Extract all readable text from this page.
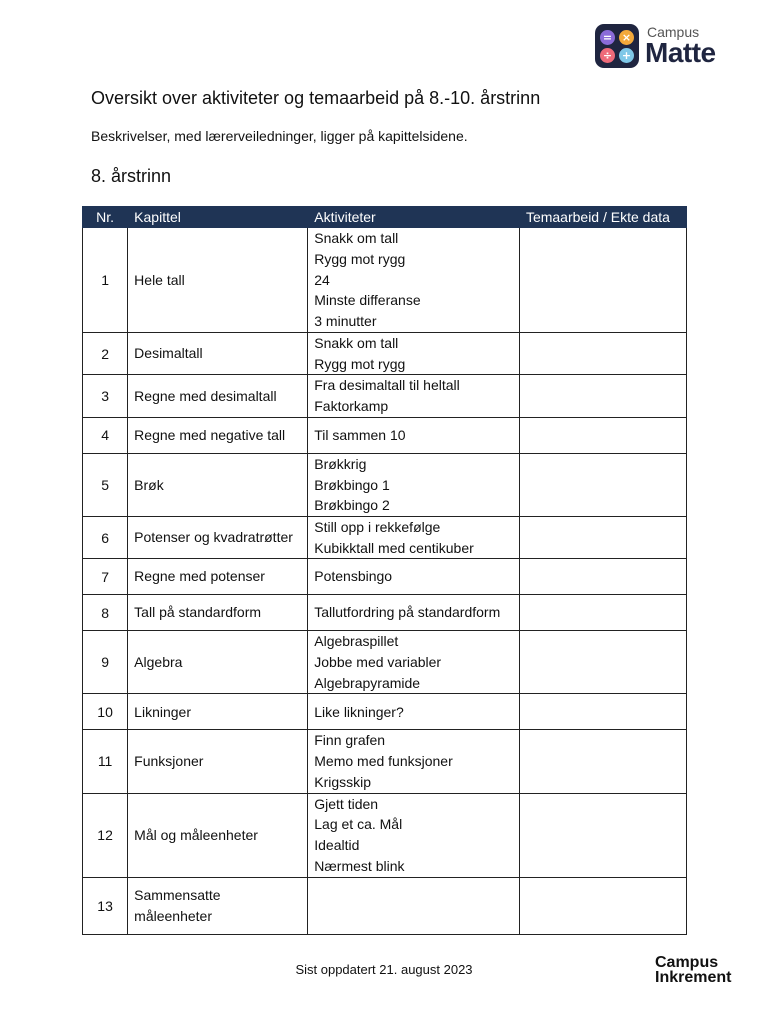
= ×
÷ +
Campus
Matte
Oversikt over aktiviteter og temaarbeid på 8.-10. årstrinn

Beskrivelser, med lærerveiledninger, ligger på kapittelsidene.

8. årstrinn
Nr.	Kapittel	Aktiviteter	Temaarbeid / Ekte data
1	Hele tall	Snakk om tall
Rygg mot rygg
24
Minste differanse
3 minutter	

2	Desimaltall	Snakk om tall
Rygg mot rygg	

3	Regne med desimaltall	Fra desimaltall til heltall
Faktorkamp	

4	Regne med negative tall	Til sammen 10	

5	Brøk	Brøkkrig
Brøkbingo 1
Brøkbingo 2	

6	Potenser og kvadratrøtter	Still opp i rekkefølge
Kubikktall med centikuber	

7	Regne med potenser	Potensbingo	

8	Tall på standardform	Tallutfordring på standardform	

9	Algebra	Algebraspillet
Jobbe med variabler
Algebrapyramide	

10	Likninger	Like likninger?	

11	Funksjoner	Finn grafen
Memo med funksjoner
Krigsskip	

12	Mål og måleenheter	Gjett tiden
Lag et ca. Mål
Idealtid
Nærmest blink	

13	Sammensatte
måleenheter		

Sist oppdatert 21. august 2023	Campus
Inkrement
